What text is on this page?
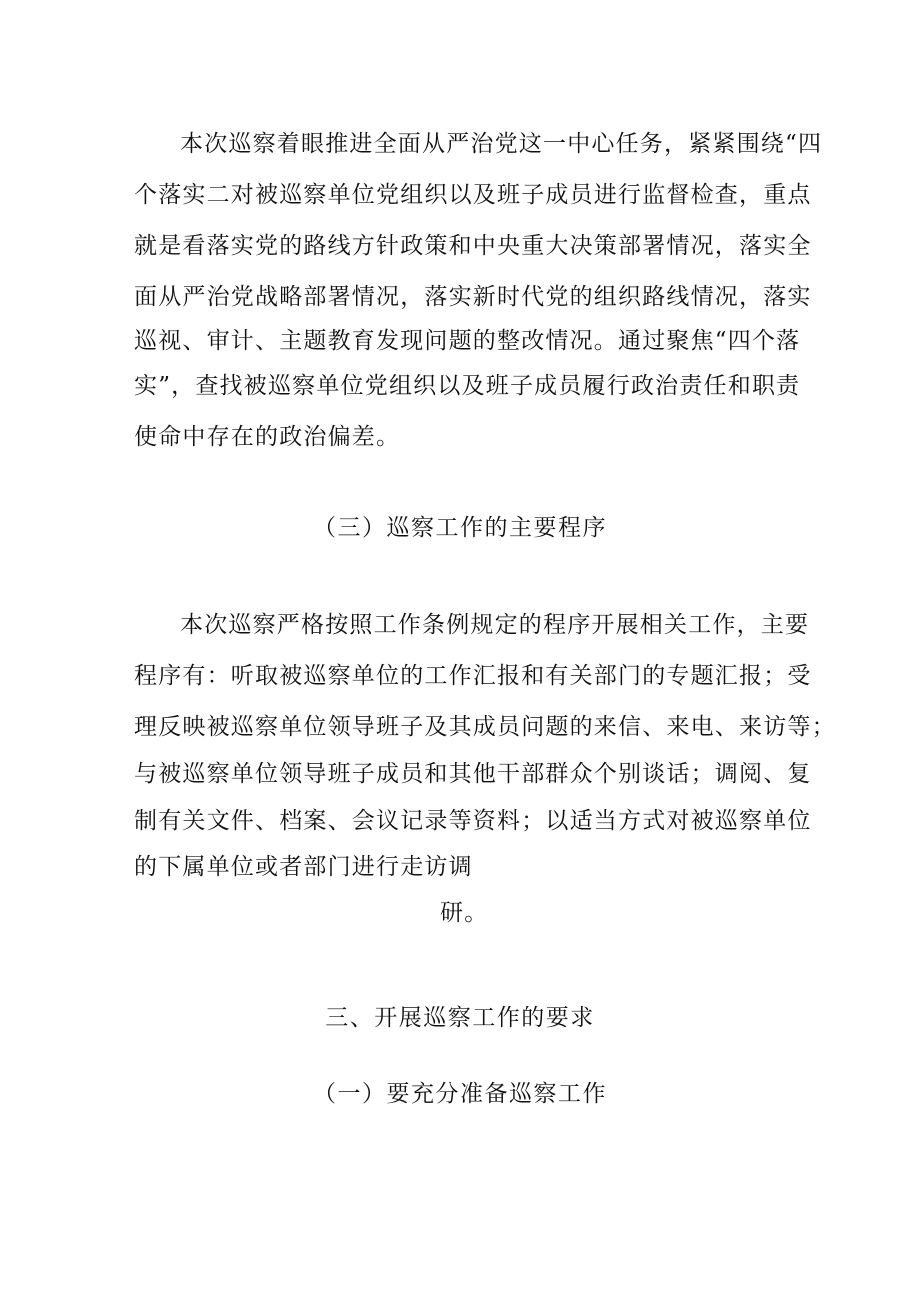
本次巡察着眼推进全面从严治党这一中心任务，紧紧围绕“四
个落实二对被巡察单位党组织以及班子成员进行监督检查，重点
就是看落实党的路线方针政策和中央重大决策部署情况，落实全
面从严治党战略部署情况，落实新时代党的组织路线情况，落实
巡视、审计、主题教育发现问题的整改情况。通过聚焦“四个落
实”，查找被巡察单位党组织以及班子成员履行政治责任和职责
使命中存在的政治偏差。
（三）巡察工作的主要程序
本次巡察严格按照工作条例规定的程序开展相关工作，主要
程序有：听取被巡察单位的工作汇报和有关部门的专题汇报；受
理反映被巡察单位领导班子及其成员问题的来信、来电、来访等；
与被巡察单位领导班子成员和其他干部群众个别谈话；调阅、复
制有关文件、档案、会议记录等资料；以适当方式对被巡察单位
的下属单位或者部门进行走访调
研。
三、开展巡察工作的要求
（一）要充分准备巡察工作
